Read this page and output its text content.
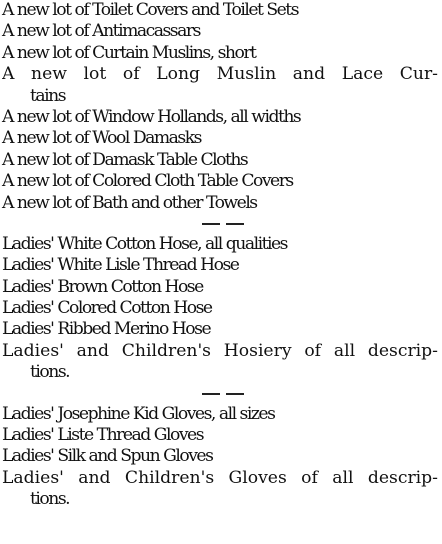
A new lot of Toilet Covers and Toilet Sets
A new lot of Antimacassars
A new lot of Curtain Muslins, short
A new lot of Long Muslin and Lace Cur-
tains
A new lot of Window Hollands, all widths
A new lot of Wool Damasks
A new lot of Damask Table Cloths
A new lot of Colored Cloth Table Covers
A new lot of Bath and other Towels
Ladies' White Cotton Hose, all qualities
Ladies' White Lisle Thread Hose
Ladies' Brown Cotton Hose
Ladies' Colored Cotton Hose
Ladies' Ribbed Merino Hose
Ladies' and Children's Hosiery of all descrip-
tions.
Ladies' Josephine Kid Gloves, all sizes
Ladies' Liste Thread Gloves
Ladies' Silk and Spun Gloves
Ladies' and Children's Gloves of all descrip-
tions.
